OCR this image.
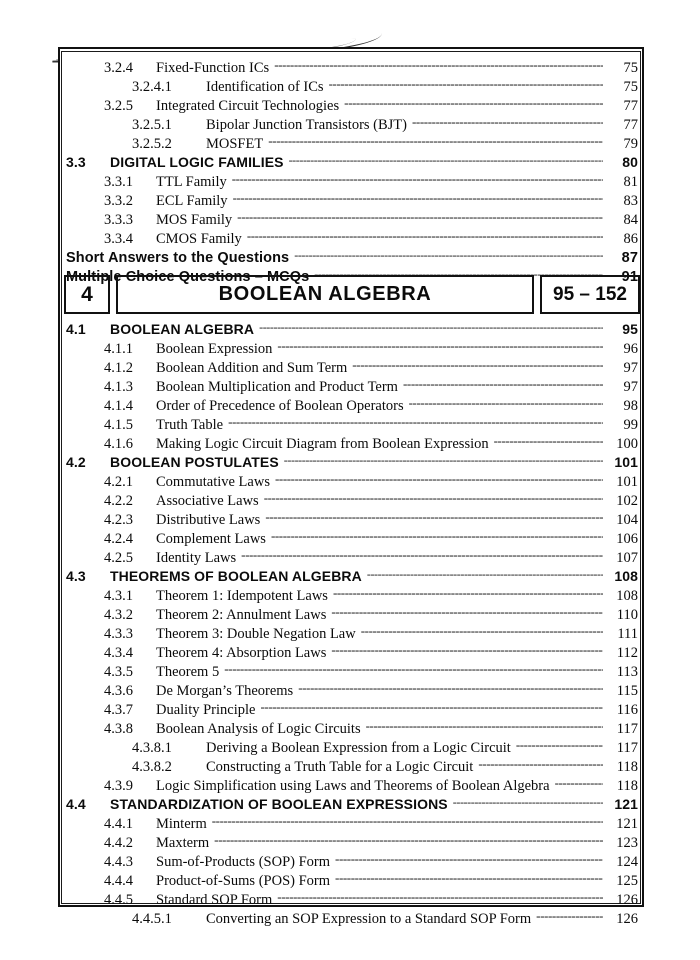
3.2.4	Fixed-Function ICs -----	75
3.2.4.1	Identification of ICs -----	75
3.2.5	Integrated Circuit Technologies -----	77
3.2.5.1	Bipolar Junction Transistors (BJT) -----	77
3.2.5.2	MOSFET -----	79
3.3	DIGITAL LOGIC FAMILIES -----	80
3.3.1	TTL Family -----	81
3.3.2	ECL Family -----	83
3.3.3	MOS Family -----	84
3.3.4	CMOS Family -----	86
Short Answers to the Questions -----	87
Multiple Choice Questions – MCQs -----	91
4	BOOLEAN ALGEBRA	95 – 152
4.1	BOOLEAN ALGEBRA -----	95
4.1.1	Boolean Expression -----	96
4.1.2	Boolean Addition and Sum Term -----	97
4.1.3	Boolean Multiplication and Product Term -----	97
4.1.4	Order of Precedence of Boolean Operators -----	98
4.1.5	Truth Table -----	99
4.1.6	Making Logic Circuit Diagram from Boolean Expression -----	100
4.2	BOOLEAN POSTULATES -----	101
4.2.1	Commutative Laws -----	101
4.2.2	Associative Laws -----	102
4.2.3	Distributive Laws -----	104
4.2.4	Complement Laws -----	106
4.2.5	Identity Laws -----	107
4.3	THEOREMS OF BOOLEAN ALGEBRA -----	108
4.3.1	Theorem 1: Idempotent Laws -----	108
4.3.2	Theorem 2: Annulment Laws -----	110
4.3.3	Theorem 3: Double Negation Law -----	111
4.3.4	Theorem 4: Absorption Laws -----	112
4.3.5	Theorem 5 -----	113
4.3.6	De Morgan’s Theorems -----	115
4.3.7	Duality Principle -----	116
4.3.8	Boolean Analysis of Logic Circuits -----	117
4.3.8.1	Deriving a Boolean Expression from a Logic Circuit -----	117
4.3.8.2	Constructing a Truth Table for a Logic Circuit -----	118
4.3.9	Logic Simplification using Laws and Theorems of Boolean Algebra -----	118
4.4	STANDARDIZATION OF BOOLEAN EXPRESSIONS -----	121
4.4.1	Minterm -----	121
4.4.2	Maxterm -----	123
4.4.3	Sum-of-Products (SOP) Form -----	124
4.4.4	Product-of-Sums (POS) Form -----	125
4.4.5	Standard SOP Form -----	126
4.4.5.1	Converting an SOP Expression to a Standard SOP Form -----	126
